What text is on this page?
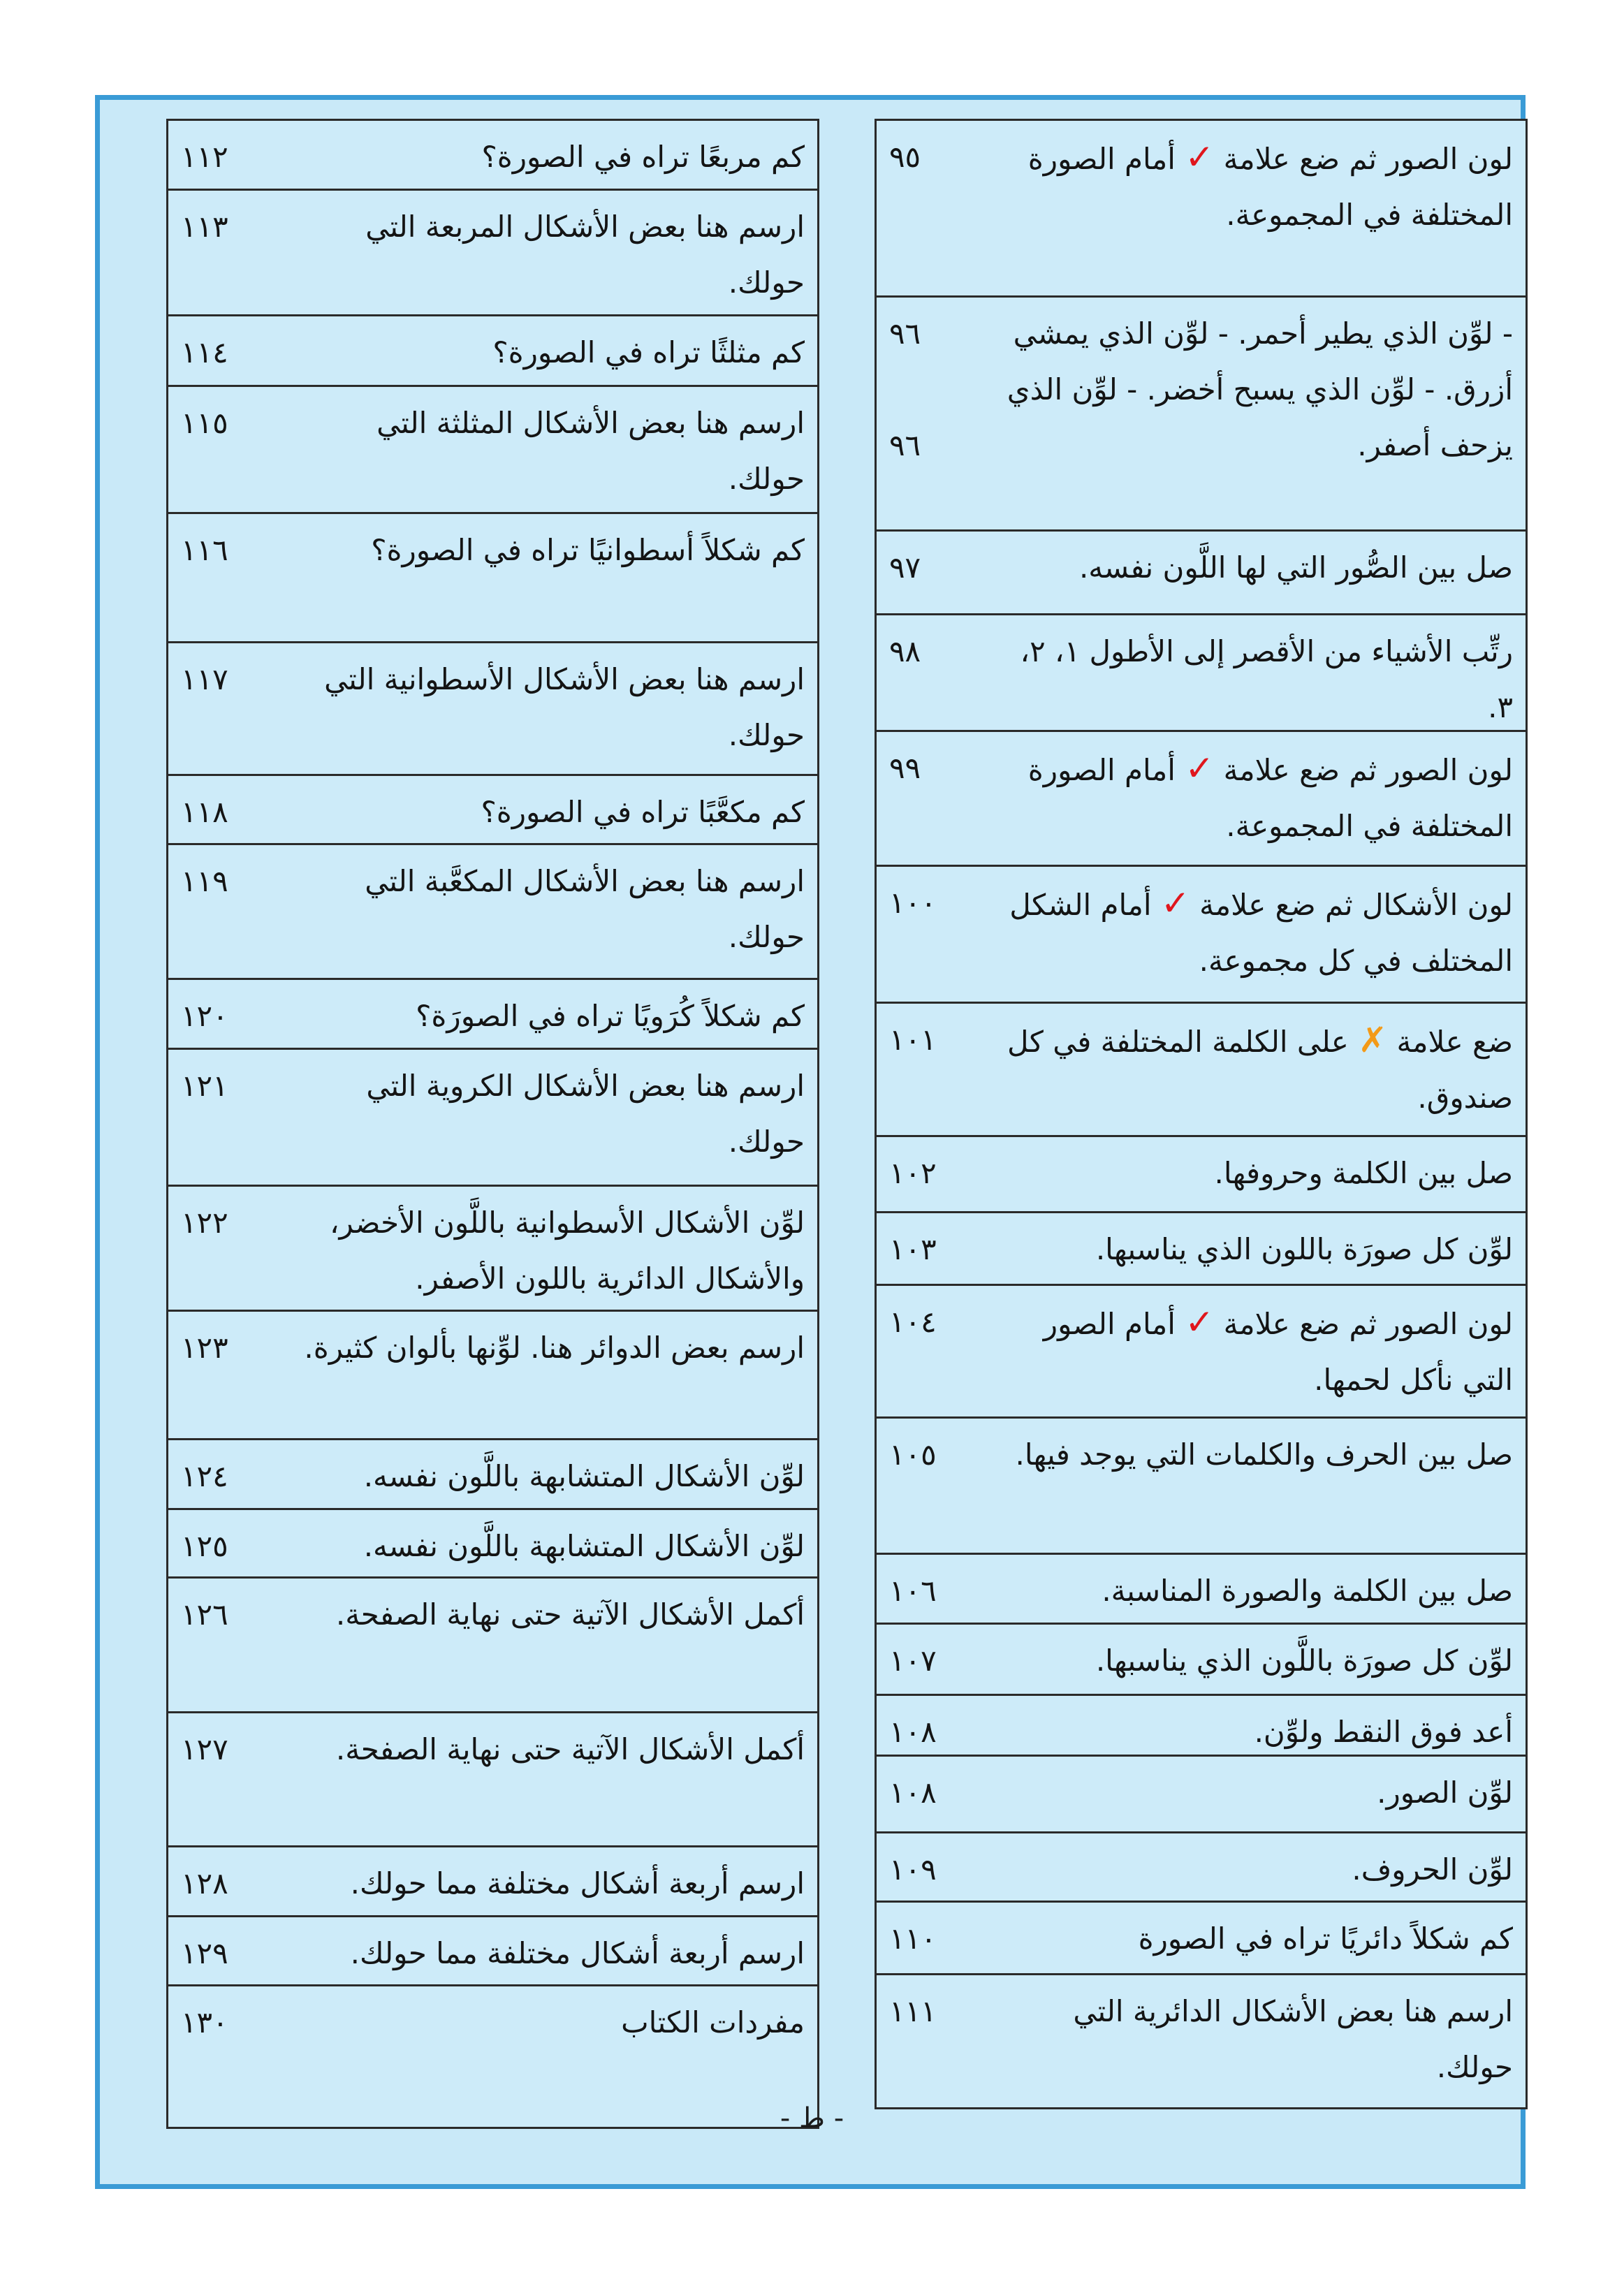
لون الصور ثم ضع علامة ✓ أمام الصورة المختلفة في المجموعة.
٩٥
- لوِّن الذي يطير أحمر. - لوِّن الذي يمشي أزرق. - لوِّن الذي يسبح أخضر. - لوِّن الذي يزحف أصفر.
٩٦

٩٦
صل بين الصُّور التي لها اللَّون نفسه.
٩٧
رتِّب الأشياء من الأقصر إلى الأطول ١، ٢، ٣.
٩٨
لون الصور ثم ضع علامة ✓ أمام الصورة المختلفة في المجموعة.
٩٩
لون الأشكال ثم ضع علامة ✓ أمام الشكل المختلف في كل مجموعة.
١٠٠
ضع علامة ✗ على الكلمة المختلفة في كل صندوق.
١٠١
صل بين الكلمة وحروفها.
١٠٢
لوِّن كل صورَة باللون الذي يناسبها.
١٠٣
لون الصور ثم ضع علامة ✓ أمام الصور التي نأكل لحمها.
١٠٤
صل بين الحرف والكلمات التي يوجد فيها.
١٠٥
صل بين الكلمة والصورة المناسبة.
١٠٦
لوِّن كل صورَة باللَّون الذي يناسبها.
١٠٧
أعد فوق النقط ولوِّن.
١٠٨
لوِّن الصور.
١٠٨
لوِّن الحروف.
١٠٩
كم شكلاً دائريًا تراه في الصورة
١١٠
ارسم هنا بعض الأشكال الدائرية التي حولك.
١١١
كم مربعًا تراه في الصورة؟
١١٢
ارسم هنا بعض الأشكال المربعة التي حولك.
١١٣
كم مثلثًا تراه في الصورة؟
١١٤
ارسم هنا بعض الأشكال المثلثة التي حولك.
١١٥
كم شكلاً أسطوانيًا تراه في الصورة؟
١١٦
ارسم هنا بعض الأشكال الأسطوانية التي حولك.
١١٧
كم مكعَّبًا تراه في الصورة؟
١١٨
ارسم هنا بعض الأشكال المكعَّبة التي حولك.
١١٩
كم شكلاً كُرَويًا تراه في الصورَة؟
١٢٠
ارسم هنا بعض الأشكال الكروية التي حولك.
١٢١
لوِّن الأشكال الأسطوانية باللَّون الأخضر، والأشكال الدائرية باللون الأصفر.
١٢٢
ارسم بعض الدوائر هنا. لوِّنها بألوان كثيرة.
١٢٣
لوِّن الأشكال المتشابهة باللَّون نفسه.
١٢٤
لوِّن الأشكال المتشابهة باللَّون نفسه.
١٢٥
أكمل الأشكال الآتية حتى نهاية الصفحة.
١٢٦
أكمل الأشكال الآتية حتى نهاية الصفحة.
١٢٧
ارسم أربعة أشكال مختلفة مما حولك.
١٢٨
ارسم أربعة أشكال مختلفة مما حولك.
١٢٩
مفردات الكتاب
١٣٠
- ط -
